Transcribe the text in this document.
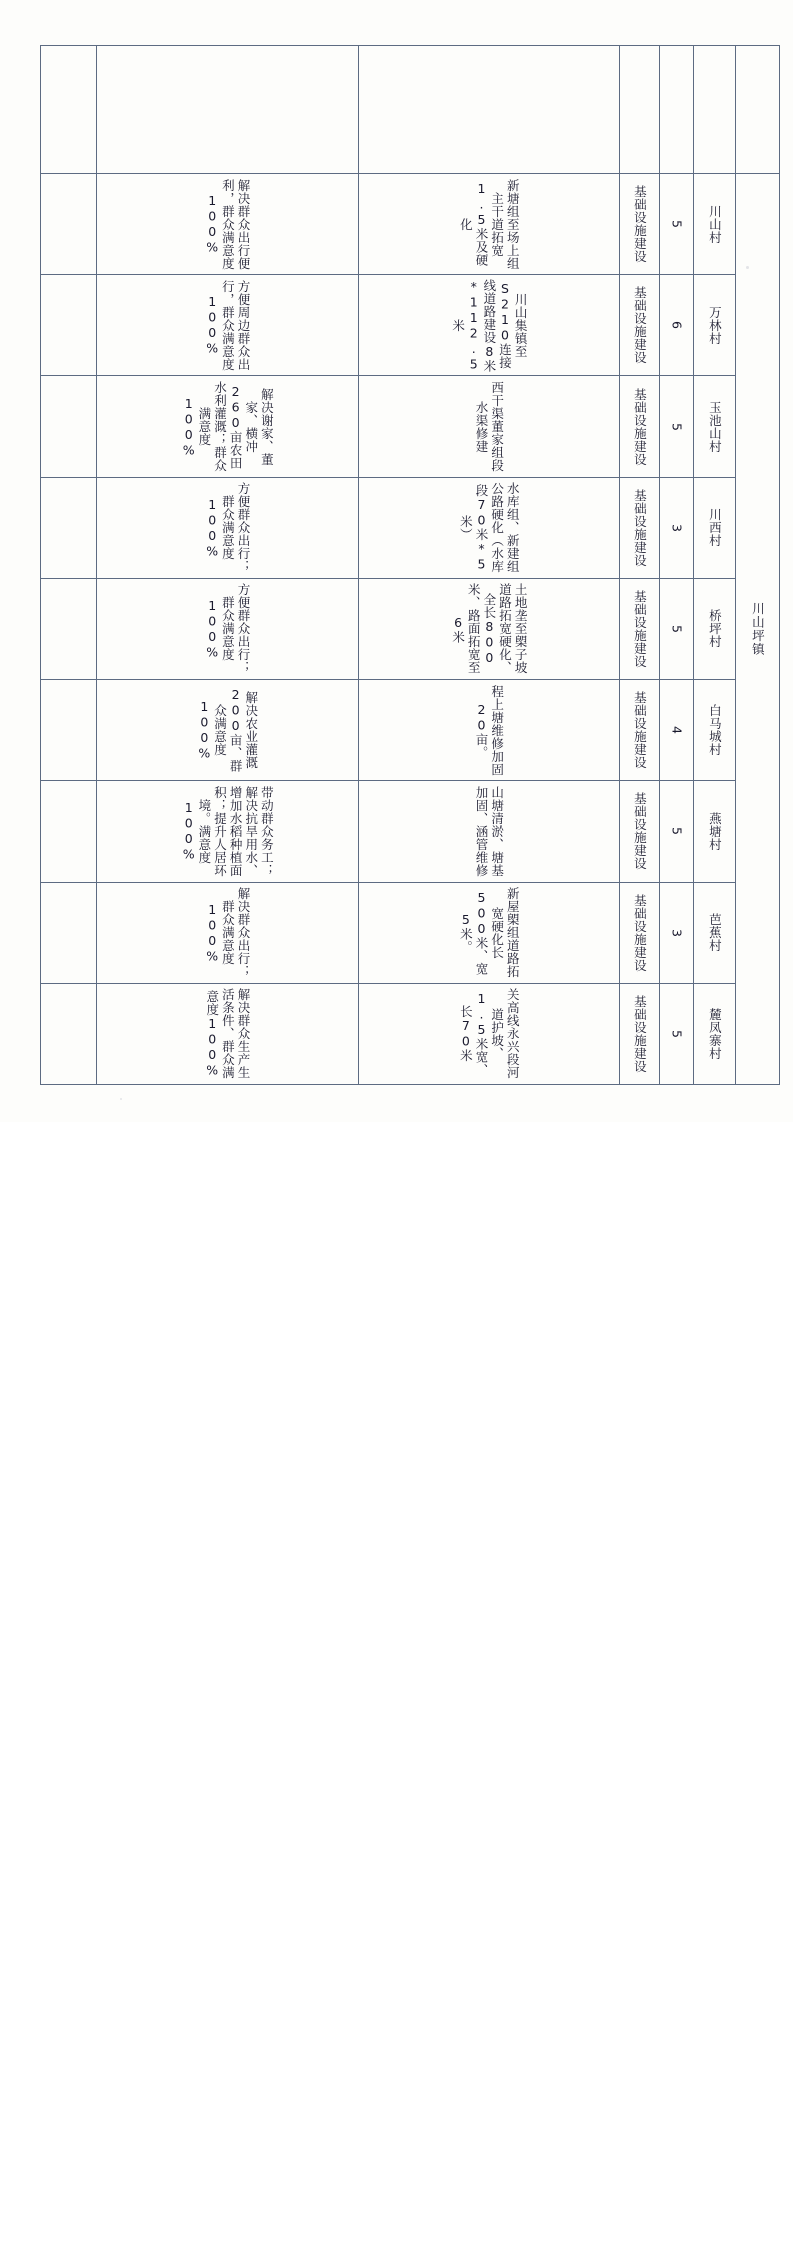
	解决群众出行便利，群众满意度100%	新塘组至场上组主干道拓宽1.5米及硬化	基础设施建设	5	川山村	川山坪镇

	方便周边群众出行，群众满意度100%	川山集镇至S210连接线道路建设8米*112.5米	基础设施建设	6	万林村	

	解决谢家、董家、横冲260亩农田水利灌溉；群众满意度100%	西干渠董家组段水渠修建	基础设施建设	5	玉池山村	

	方便群众出行；群众满意度100%	水库组、新建组公路硬化（水库段70米*5米）	基础设施建设	3	川西村	

	方便群众出行；群众满意度100%	土地垄至㮾子坡道路拓宽硬化、全长800米、路面拓宽至6米	基础设施建设	5	桥坪村	

	解决农业灌溉200亩、群众满意度100%	程上塘维修加固20亩。	基础设施建设	4	白马城村	

	带动群众务工；解决抗旱用水、增加水稻种植面积；提升人居环境。满意度100%	山塘清淤、塘基加固、涵管维修	基础设施建设	5	燕塘村	

	解决群众出行；群众满意度100%	新屋㮾组道路拓宽硬化长500米、宽5米。	基础设施建设	3	芭蕉村	

	解决群众生产生活条件、群众满意度100%	关高线永兴段河道护坡、1.5米宽、长70米	基础设施建设	5	麓凤寨村	
